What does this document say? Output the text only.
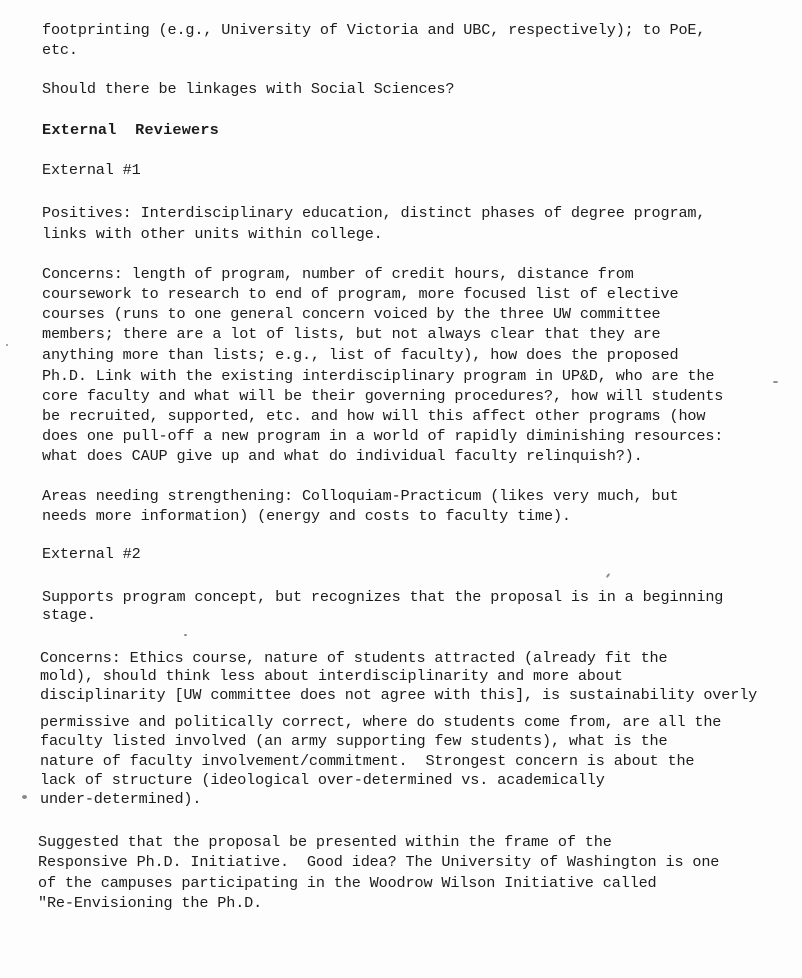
footprinting (e.g., University of Victoria and UBC, respectively); to PoE,
etc.
Should there be linkages with Social Sciences?
External  Reviewers
External #1
Positives: Interdisciplinary education, distinct phases of degree program,
links with other units within college.
Concerns: length of program, number of credit hours, distance from
coursework to research to end of program, more focused list of elective
courses (runs to one general concern voiced by the three UW committee
members; there are a lot of lists, but not always clear that they are
anything more than lists; e.g., list of faculty), how does the proposed
Ph.D. Link with the existing interdisciplinary program in UP&D, who are the
core faculty and what will be their governing procedures?, how will students
be recruited, supported, etc. and how will this affect other programs (how
does one pull-off a new program in a world of rapidly diminishing resources:
what does CAUP give up and what do individual faculty relinquish?).
Areas needing strengthening: Colloquiam-Practicum (likes very much, but
needs more information) (energy and costs to faculty time).
External #2
Supports program concept, but recognizes that the proposal is in a beginning
stage.
Concerns: Ethics course, nature of students attracted (already fit the
mold), should think less about interdisciplinarity and more about
disciplinarity [UW committee does not agree with this], is sustainability overly
permissive and politically correct, where do students come from, are all the
faculty listed involved (an army supporting few students), what is the
nature of faculty involvement/commitment.  Strongest concern is about the
lack of structure (ideological over-determined vs. academically
under-determined).
Suggested that the proposal be presented within the frame of the
Responsive Ph.D. Initiative.  Good idea? The University of Washington is one
of the campuses participating in the Woodrow Wilson Initiative called
"Re-Envisioning the Ph.D.
